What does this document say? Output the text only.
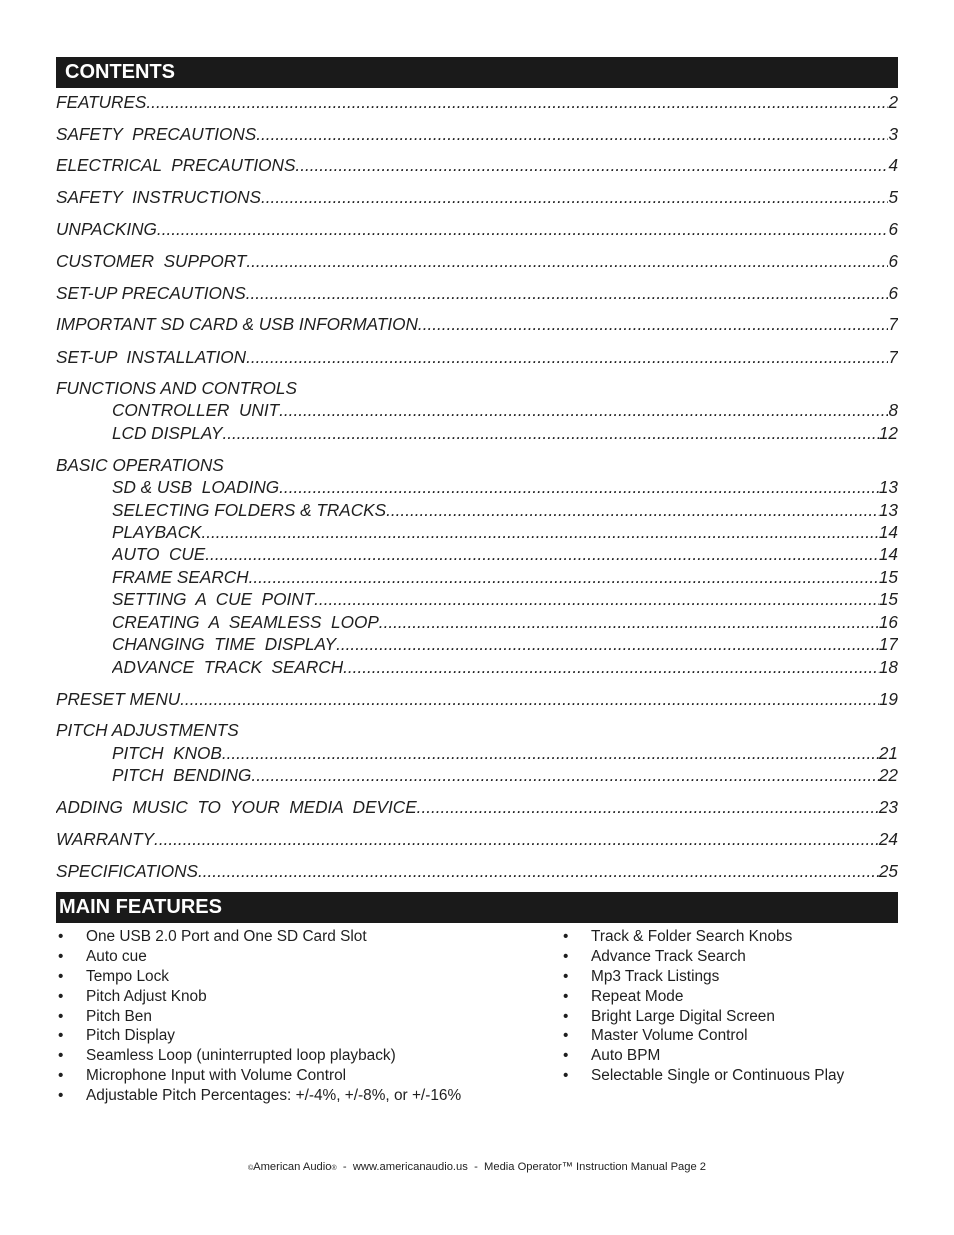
CONTENTS
FEATURES .....	2
SAFETY  PRECAUTIONS .....	3
ELECTRICAL  PRECAUTIONS .....	4
SAFETY  INSTRUCTIONS .....	5
UNPACKING .....	6
CUSTOMER  SUPPORT .....	6
SET-UP PRECAUTIONS .....	6
IMPORTANT SD CARD & USB INFORMATION .....	7
SET-UP  INSTALLATION .....	7
FUNCTIONS AND CONTROLS
CONTROLLER  UNIT .....	8
LCD DISPLAY .....	12
BASIC OPERATIONS
SD & USB  LOADING .....	13
SELECTING FOLDERS & TRACKS .....	13
PLAYBACK .....	14
AUTO  CUE .....	14
FRAME SEARCH .....	15
SETTING  A  CUE  POINT .....	15
CREATING  A  SEAMLESS  LOOP .....	16
CHANGING  TIME  DISPLAY .....	17
ADVANCE  TRACK  SEARCH .....	18
PRESET MENU .....	19
PITCH ADJUSTMENTS
PITCH  KNOB .....	21
PITCH  BENDING .....	22
ADDING  MUSIC  TO  YOUR  MEDIA  DEVICE .....	23
WARRANTY .....	24
SPECIFICATIONS .....	25
MAIN FEATURES
• One USB 2.0 Port and One SD Card Slot
• Auto cue
• Tempo Lock
• Pitch Adjust Knob
• Pitch Ben
• Pitch Display
• Seamless Loop (uninterrupted loop playback)
• Microphone Input with Volume Control
• Adjustable Pitch Percentages: +/-4%, +/-8%, or +/-16%
• Track & Folder Search Knobs
• Advance Track Search
• Mp3 Track Listings
• Repeat Mode
• Bright Large Digital Screen
• Master Volume Control
• Auto BPM
• Selectable Single or Continuous Play
©American Audio®  -  www.americanaudio.us  -  Media Operator™ Instruction Manual Page 2
